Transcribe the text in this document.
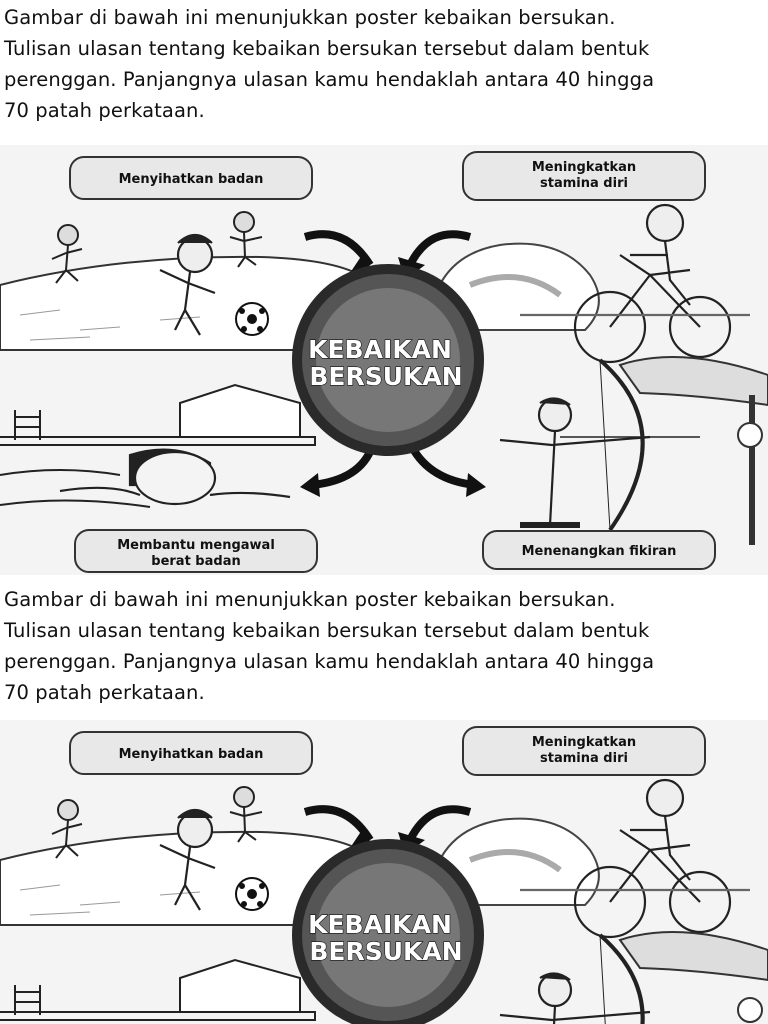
Gambar di bawah ini menunjukkan poster kebaikan bersukan.
Tulisan ulasan tentang kebaikan bersukan tersebut dalam bentuk
perenggan. Panjangnya ulasan kamu hendaklah antara 40 hingga
70 patah perkataan.
KEBAIKAN
BERSUKAN
Menyihatkan badan
Meningkatkan
stamina diri
Membantu mengawal
berat badan
Menenangkan fikiran
Gambar di bawah ini menunjukkan poster kebaikan bersukan.
Tulisan ulasan tentang kebaikan bersukan tersebut dalam bentuk
perenggan. Panjangnya ulasan kamu hendaklah antara 40 hingga
70 patah perkataan.
KEBAIKAN
BERSUKAN
Menyihatkan badan
Meningkatkan
stamina diri
